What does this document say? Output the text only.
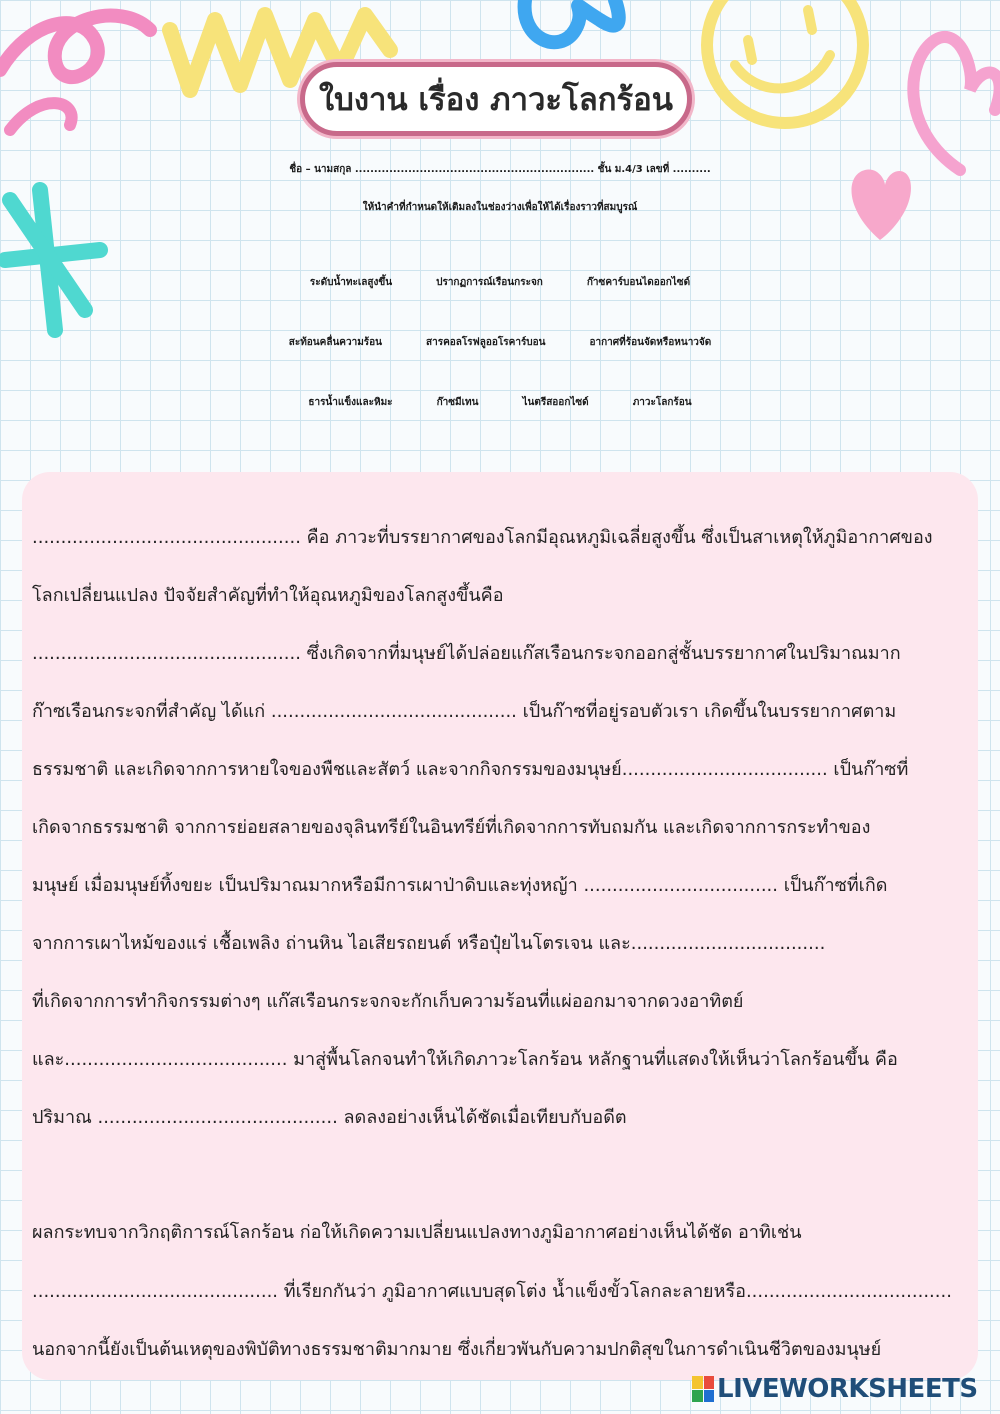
ใบงาน เรื่อง ภาวะโลกร้อน
ชื่อ – นามสกุล ............................................................... ชั้น ม.4/3 เลขที่ ..........
ให้นำคำที่กำหนดให้เติมลงในช่องว่างเพื่อให้ได้เรื่องราวที่สมบูรณ์
ระดับน้ำทะเลสูงขึ้น	ปรากฏการณ์เรือนกระจก	ก๊าซคาร์บอนไดออกไซด์
สะท้อนคลื่นความร้อน	สารคอลโรฟลูออโรคาร์บอน	อากาศที่ร้อนจัดหรือหนาวจัด
ธารน้ำแข็งและหิมะ	ก๊าซมีเทน	ไนตรีสออกไซด์	ภาวะโลกร้อน
............................................... คือ ภาวะที่บรรยากาศของโลกมีอุณหภูมิเฉลี่ยสูงขึ้น ซึ่งเป็นสาเหตุให้ภูมิอากาศของ
โลกเปลี่ยนแปลง ปัจจัยสำคัญที่ทำให้อุณหภูมิของโลกสูงขึ้นคือ
............................................... ซึ่งเกิดจากที่มนุษย์ได้ปล่อยแก๊สเรือนกระจกออกสู่ชั้นบรรยากาศในปริมาณมาก
ก๊าซเรือนกระจกที่สำคัญ ได้แก่ ........................................... เป็นก๊าซที่อยู่รอบตัวเรา เกิดขึ้นในบรรยากาศตาม
ธรรมชาติ และเกิดจากการหายใจของพืชและสัตว์ และจากกิจกรรมของมนุษย์.................................... เป็นก๊าซที่
เกิดจากธรรมชาติ จากการย่อยสลายของจุลินทรีย์ในอินทรีย์ที่เกิดจากการทับถมกัน และเกิดจากการกระทำของ
มนุษย์ เมื่อมนุษย์ทิ้งขยะ เป็นปริมาณมากหรือมีการเผาป่าดิบและทุ่งหญ้า .................................. เป็นก๊าซที่เกิด
จากการเผาไหม้ของแร่ เชื้อเพลิง ถ่านหิน ไอเสียรถยนต์ หรือปุ๋ยไนโตรเจน และ..................................
ที่เกิดจากการทำกิจกรรมต่างๆ แก๊สเรือนกระจกจะกักเก็บความร้อนที่แผ่ออกมาจากดวงอาทิตย์
และ....................................... มาสู่พื้นโลกจนทำให้เกิดภาวะโลกร้อน หลักฐานที่แสดงให้เห็นว่าโลกร้อนขึ้น คือ
ปริมาณ .......................................... ลดลงอย่างเห็นได้ชัดเมื่อเทียบกับอดีต
ผลกระทบจากวิกฤติการณ์โลกร้อน ก่อให้เกิดความเปลี่ยนแปลงทางภูมิอากาศอย่างเห็นได้ชัด อาทิเช่น
........................................... ที่เรียกกันว่า ภูมิอากาศแบบสุดโต่ง น้ำแข็งขั้วโลกละลายหรือ....................................
นอกจากนี้ยังเป็นต้นเหตุของพิบัติทางธรรมชาติมากมาย ซึ่งเกี่ยวพันกับความปกติสุขในการดำเนินชีวิตของมนุษย์
LIVEWORKSHEETS
